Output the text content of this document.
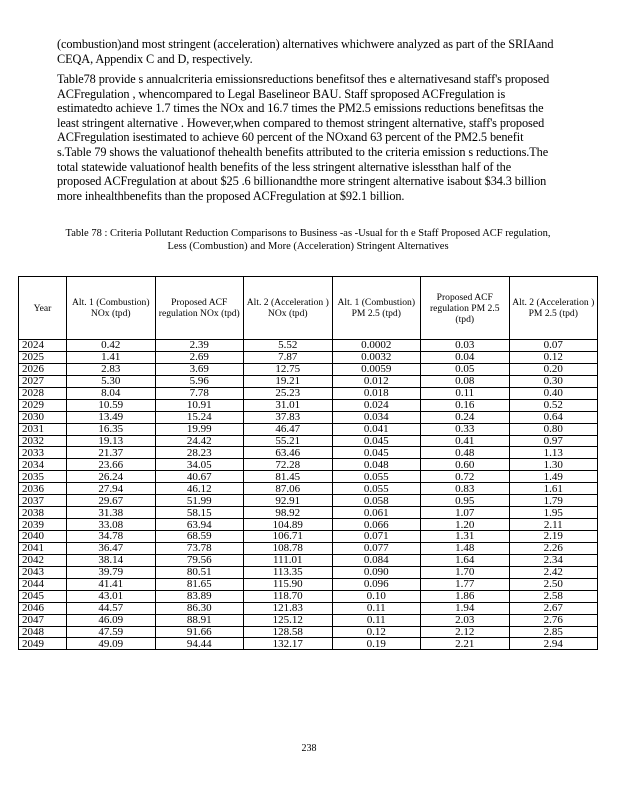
(combustion)and most stringent (acceleration) alternatives whichwere analyzed as part of the SRIAand CEQA, Appendix C and D, respectively.
Table78 provide s annualcriteria emissionsreductions benefitsof thes e alternativesand staff's proposed ACFregulation , whencompared to Legal Baselineor BAU. Staff sproposed ACFregulation is estimatedto achieve 1.7 times the NOx and 16.7 times the PM2.5 emissions reductions benefitsas the least stringent alternative . However,when compared to themost stringent alternative, staff's proposed ACFregulation isestimated to achieve 60 percent of the NOxand 63 percent of the PM2.5 benefit s.Table 79 shows the valuationof thehealth benefits attributed to the criteria emission s reductions.The total statewide valuationof health benefits of the less stringent alternative islessthan half of the proposed ACFregulation at about $25 .6 billionandthe more stringent alternative isabout $34.3 billion more inhealthbenefits than the proposed ACFregulation at $92.1 billion.
Table 78 : Criteria Pollutant Reduction Comparisons to Business -as -Usual for th e Staff Proposed ACF regulation, Less (Combustion) and More (Acceleration) Stringent Alternatives
Year	Alt. 1 (Combustion) NOx (tpd)	Proposed ACF regulation NOx (tpd)	Alt. 2 (Acceleration ) NOx (tpd)	Alt. 1 (Combustion) PM 2.5 (tpd)	Proposed ACF regulation PM 2.5 (tpd)	Alt. 2 (Acceleration ) PM 2.5 (tpd)
2024	0.42	2.39	5.52	0.0002	0.03	0.07
2025	1.41	2.69	7.87	0.0032	0.04	0.12
2026	2.83	3.69	12.75	0.0059	0.05	0.20
2027	5.30	5.96	19.21	0.012	0.08	0.30
2028	8.04	7.78	25.23	0.018	0.11	0.40
2029	10.59	10.91	31.01	0.024	0.16	0.52
2030	13.49	15.24	37.83	0.034	0.24	0.64
2031	16.35	19.99	46.47	0.041	0.33	0.80
2032	19.13	24.42	55.21	0.045	0.41	0.97
2033	21.37	28.23	63.46	0.045	0.48	1.13
2034	23.66	34.05	72.28	0.048	0.60	1.30
2035	26.24	40.67	81.45	0.055	0.72	1.49
2036	27.94	46.12	87.06	0.055	0.83	1.61
2037	29.67	51.99	92.91	0.058	0.95	1.79
2038	31.38	58.15	98.92	0.061	1.07	1.95
2039	33.08	63.94	104.89	0.066	1.20	2.11
2040	34.78	68.59	106.71	0.071	1.31	2.19
2041	36.47	73.78	108.78	0.077	1.48	2.26
2042	38.14	79.56	111.01	0.084	1.64	2.34
2043	39.79	80.51	113.35	0.090	1.70	2.42
2044	41.41	81.65	115.90	0.096	1.77	2.50
2045	43.01	83.89	118.70	0.10	1.86	2.58
2046	44.57	86.30	121.83	0.11	1.94	2.67
2047	46.09	88.91	125.12	0.11	2.03	2.76
2048	47.59	91.66	128.58	0.12	2.12	2.85
2049	49.09	94.44	132.17	0.19	2.21	2.94
238
